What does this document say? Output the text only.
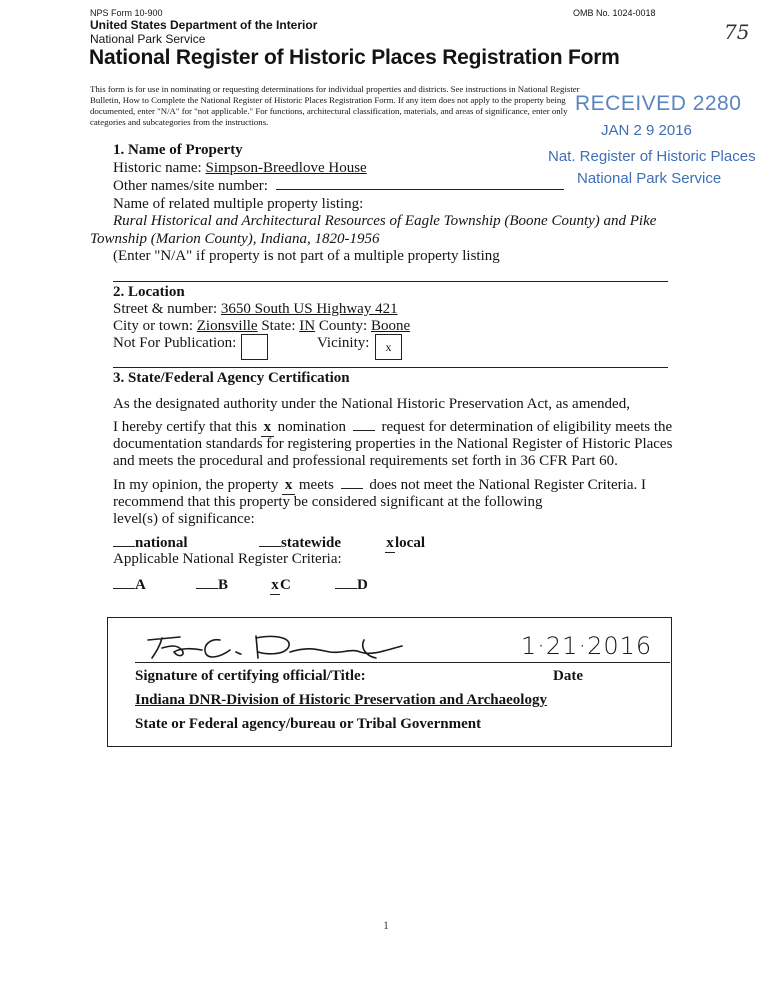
NPS Form 10-900	OMB No. 1024-0018
United States Department of the Interior
National Park Service
National Register of Historic Places Registration Form
75
This form is for use in nominating or requesting determinations for individual properties and districts. See instructions in National Register
Bulletin, How to Complete the National Register of Historic Places Registration Form. If any item does not apply to the property being
documented, enter "N/A" for "not applicable." For functions, architectural classification, materials, and areas of significance, enter only
categories and subcategories from the instructions.
RECEIVED 2280
JAN 2 9 2016
Nat. Register of Historic Places
National Park Service
1. Name of Property
Historic name: Simpson-Breedlove House
Other names/site number:
Name of related multiple property listing:
Rural Historical and Architectural Resources of Eagle Township (Boone County) and Pike
Township (Marion County), Indiana, 1820-1956
(Enter "N/A" if property is not part of a multiple property listing
2. Location
Street & number: 3650 South US Highway 421
City or town: Zionsville State: IN County: Boone
Not For Publication:	Vicinity:	x
3. State/Federal Agency Certification
As the designated authority under the National Historic Preservation Act, as amended,
I hereby certify that this x nomination request for determination of eligibility meets the
documentation standards for registering properties in the National Register of Historic Places
and meets the procedural and professional requirements set forth in 36 CFR Part 60.
In my opinion, the property x meets does not meet the National Register Criteria. I
recommend that this property be considered significant at the following
level(s) of significance:
national	statewide	xlocal
Applicable National Register Criteria:
A	B	xC	D
1·21·2016
Signature of certifying official/Title:	Date
Indiana DNR-Division of Historic Preservation and Archaeology
State or Federal agency/bureau or Tribal Government
1
